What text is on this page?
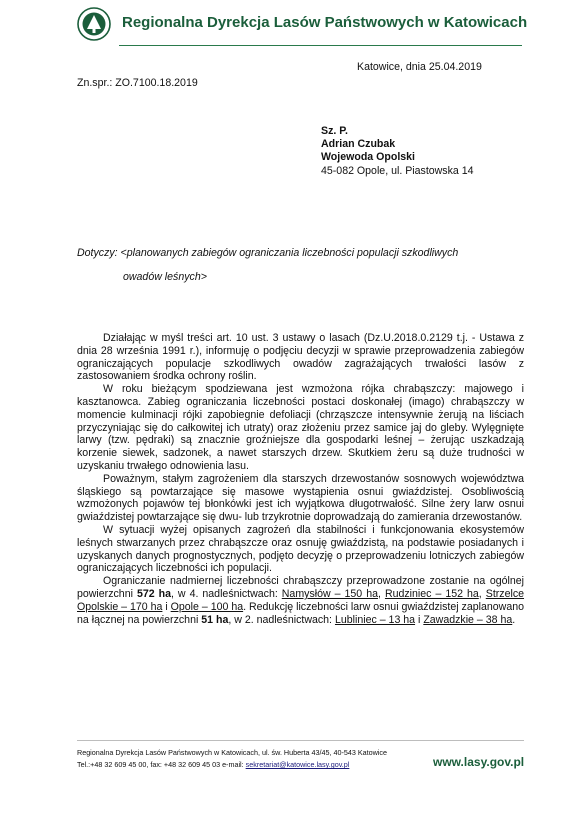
Regionalna Dyrekcja Lasów Państwowych w Katowicach
Katowice, dnia 25.04.2019
Zn.spr.: ZO.7100.18.2019
Sz. P.
Adrian Czubak
Wojewoda Opolski
45-082 Opole, ul. Piastowska 14
Dotyczy: <planowanych zabiegów ograniczania liczebności populacji szkodliwych
owadów leśnych>

Działając w myśl treści art. 10 ust. 3 ustawy o lasach (Dz.U.2018.0.2129 t.j. - Ustawa z dnia 28 września 1991 r.), informuję o podjęciu decyzji w sprawie przeprowadzenia zabiegów ograniczających populacje szkodliwych owadów zagrażających trwałości lasów z zastosowaniem środka ochrony roślin.

W roku bieżącym spodziewana jest wzmożona rójka chrabąszczy: majowego i kasztanowca. Zabieg ograniczania liczebności postaci doskonałej (imago) chrabąszczy w momencie kulminacji rójki zapobiegnie defoliacji (chrząszcze intensywnie żerują na liściach przyczyniając się do całkowitej ich utraty) oraz złożeniu przez samice jaj do gleby. Wylęgnięte larwy (tzw. pędraki) są znacznie groźniejsze dla gospodarki leśnej – żerując uszkadzają korzenie siewek, sadzonek, a nawet starszych drzew. Skutkiem żeru są duże trudności w uzyskaniu trwałego odnowienia lasu.

Poważnym, stałym zagrożeniem dla starszych drzewostanów sosnowych województwa śląskiego są powtarzające się masowe wystąpienia osnui gwiaździstej. Osobliwością wzmożonych pojawów tej błonkówki jest ich wyjątkowa długotrwałość. Silne żery larw osnui gwiaździstej powtarzające się dwu- lub trzykrotnie doprowadzają do zamierania drzewostanów.

W sytuacji wyżej opisanych zagrożeń dla stabilności i funkcjonowania ekosystemów leśnych stwarzanych przez chrabąszcze oraz osnuję gwiaździstą, na podstawie posiadanych i uzyskanych danych prognostycznych, podjęto decyzję o przeprowadzeniu lotniczych zabiegów ograniczających liczebności ich populacji.

Ograniczanie nadmiernej liczebności chrabąszczy przeprowadzone zostanie na ogólnej powierzchni 572 ha, w 4. nadleśnictwach: Namysłów – 150 ha, Rudziniec – 152 ha, Strzelce Opolskie – 170 ha i Opole – 100 ha. Redukcję liczebności larw osnui gwiaździstej zaplanowano na łącznej na powierzchni 51 ha, w 2. nadleśnictwach: Lubliniec – 13 ha i Zawadzkie – 38 ha.

Regionalna Dyrekcja Lasów Państwowych w Katowicach, ul. św. Huberta 43/45, 40-543 Katowice
Tel.:+48 32 609 45 00, fax: +48 32 609 45 03 e-mail: sekretariat@katowice.lasy.gov.pl	www.lasy.gov.pl
